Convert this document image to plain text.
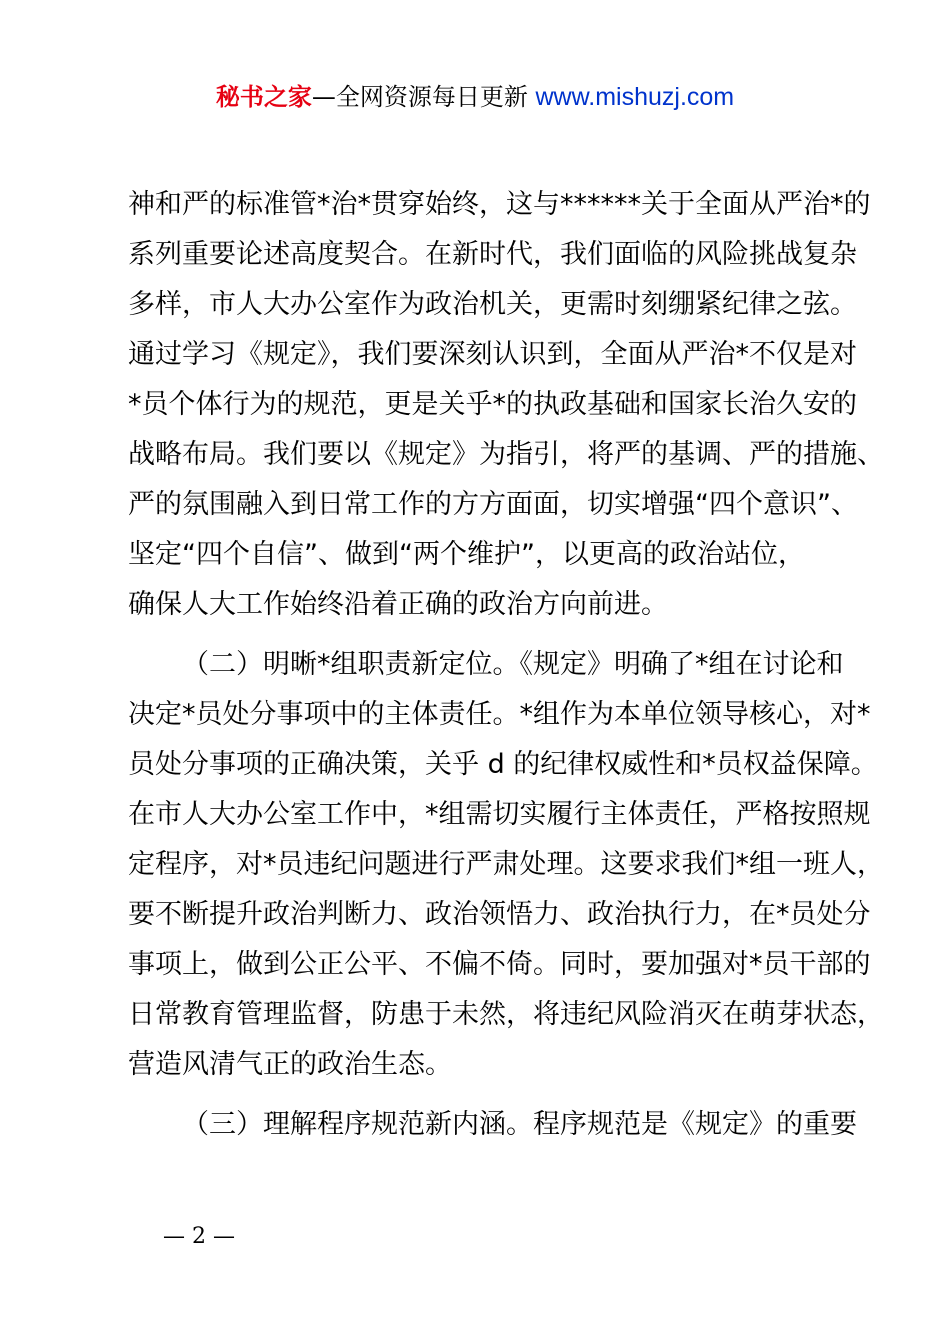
秘书之家—全网资源每日更新 www.mishuzj.com
神和严的标准管*治*贯穿始终，这与******关于全面从严治*的
系列重要论述高度契合。在新时代，我们面临的风险挑战复杂
多样，市人大办公室作为政治机关，更需时刻绷紧纪律之弦。
通过学习《规定》，我们要深刻认识到，全面从严治*不仅是对
*员个体行为的规范，更是关乎*的执政基础和国家长治久安的
战略布局。我们要以《规定》为指引，将严的基调、严的措施、
严的氛围融入到日常工作的方方面面，切实增强“四个意识”、
坚定“四个自信”、做到“两个维护”，以更高的政治站位，
确保人大工作始终沿着正确的政治方向前进。
（二）明晰*组职责新定位。《规定》明确了*组在讨论和
决定*员处分事项中的主体责任。*组作为本单位领导核心，对*
员处分事项的正确决策，关乎 d 的纪律权威性和*员权益保障。
在市人大办公室工作中，*组需切实履行主体责任，严格按照规
定程序，对*员违纪问题进行严肃处理。这要求我们*组一班人，
要不断提升政治判断力、政治领悟力、政治执行力，在*员处分
事项上，做到公正公平、不偏不倚。同时，要加强对*员干部的
日常教育管理监督，防患于未然，将违纪风险消灭在萌芽状态，
营造风清气正的政治生态。
（三）理解程序规范新内涵。程序规范是《规定》的重要
— 2 —
